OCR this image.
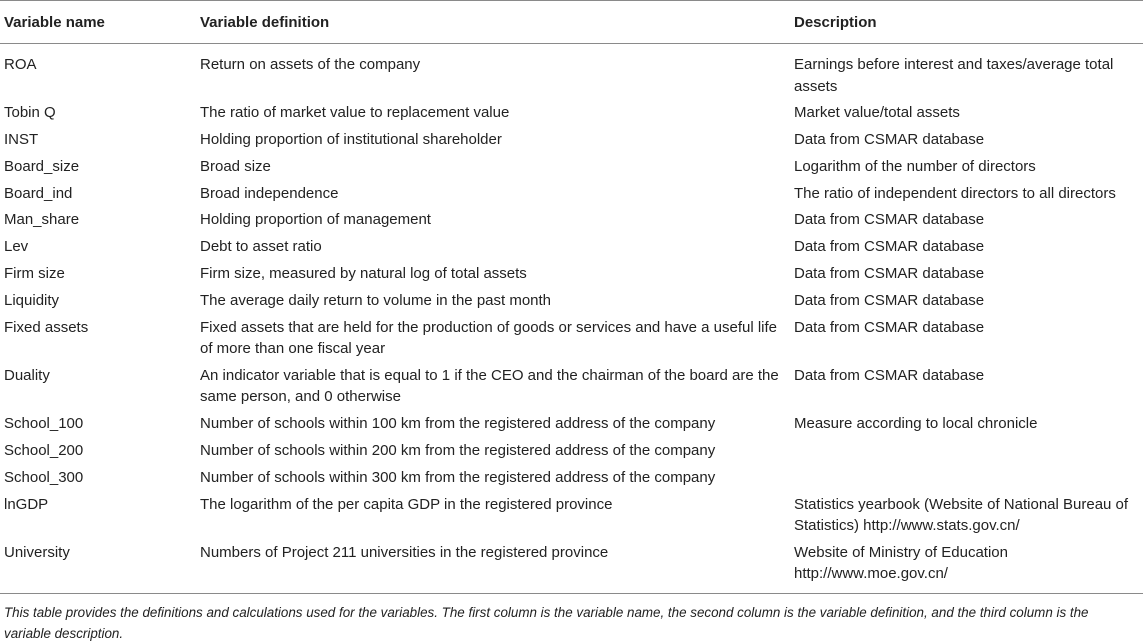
Variable name	Variable definition	Description
ROA	Return on assets of the company	Earnings before interest and taxes/average total assets
Tobin Q	The ratio of market value to replacement value	Market value/total assets
INST	Holding proportion of institutional shareholder	Data from CSMAR database
Board_size	Broad size	Logarithm of the number of directors
Board_ind	Broad independence	The ratio of independent directors to all directors
Man_share	Holding proportion of management	Data from CSMAR database
Lev	Debt to asset ratio	Data from CSMAR database
Firm size	Firm size, measured by natural log of total assets	Data from CSMAR database
Liquidity	The average daily return to volume in the past month	Data from CSMAR database
Fixed assets	Fixed assets that are held for the production of goods or services and have a useful life of more than one fiscal year	Data from CSMAR database
Duality	An indicator variable that is equal to 1 if the CEO and the chairman of the board are the same person, and 0 otherwise	Data from CSMAR database
School_100	Number of schools within 100 km from the registered address of the company	Measure according to local chronicle
School_200	Number of schools within 200 km from the registered address of the company	
School_300	Number of schools within 300 km from the registered address of the company	
lnGDP	The logarithm of the per capita GDP in the registered province	Statistics yearbook (Website of National Bureau of Statistics) http://www.stats.gov.cn/
University	Numbers of Project 211 universities in the registered province	Website of Ministry of Education http://www.moe.gov.cn/
This table provides the definitions and calculations used for the variables. The first column is the variable name, the second column is the variable definition, and the third column is the variable description.
